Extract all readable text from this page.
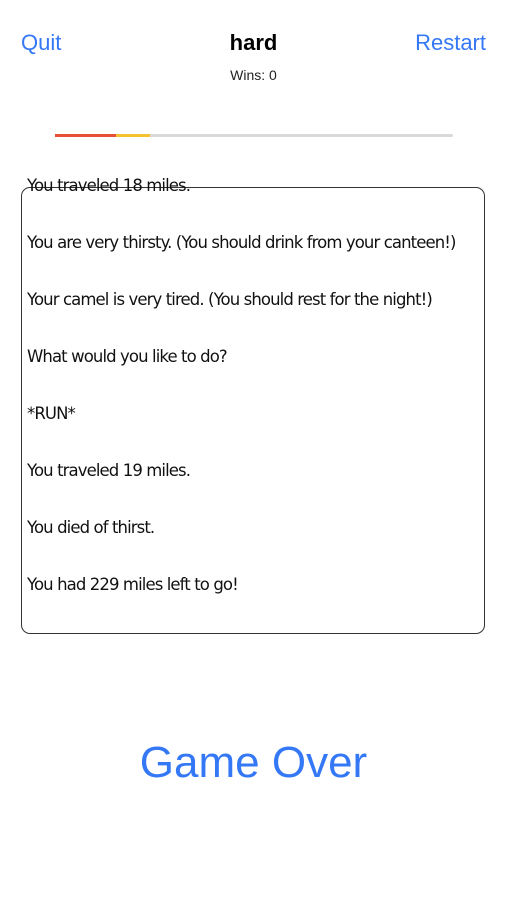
Quit	hard
Wins: 0
Restart
You traveled 18 miles.
You are very thirsty. (You should drink from your canteen!)
Your camel is very tired. (You should rest for the night!)
What would you like to do?
*RUN*
You traveled 19 miles.
You died of thirst.
You had 229 miles left to go!
Game Over
